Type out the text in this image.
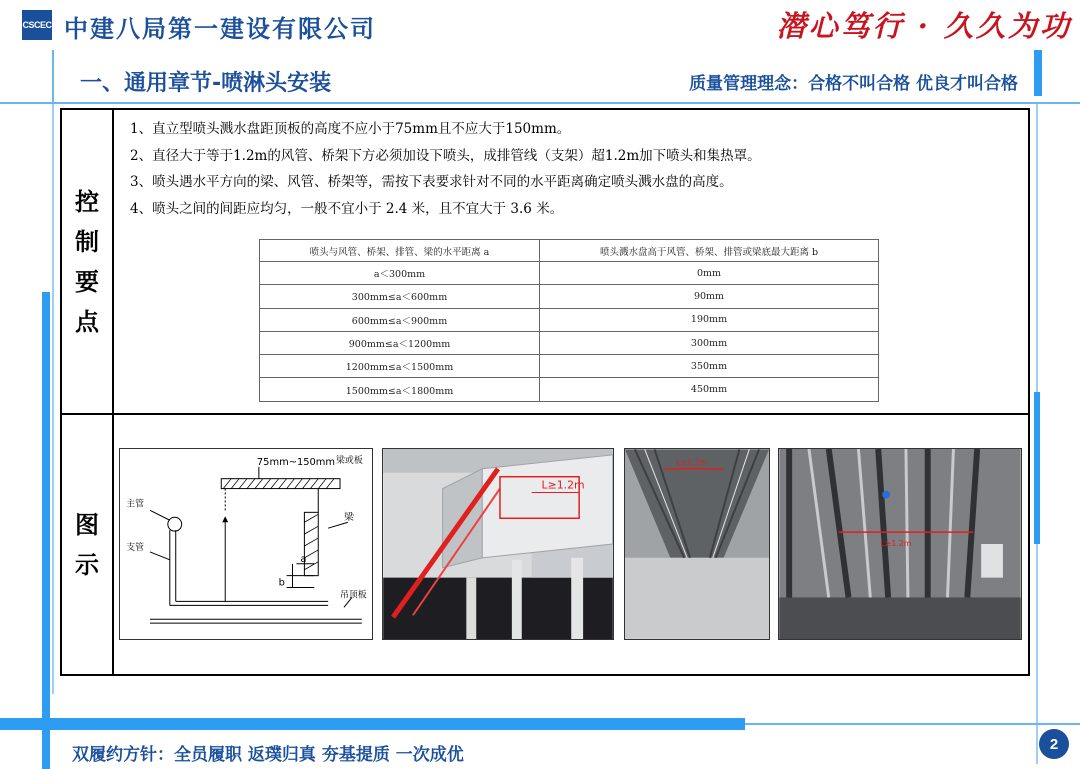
CSCEC 中建八局第一建设有限公司	潜心笃行 · 久久为功
一、通用章节-喷淋头安装	质量管理理念：合格不叫合格 优良才叫合格
控
制
要
点
图
示
1、直立型喷头溅水盘距顶板的高度不应小于75mm且不应大于150mm。
2、直径大于等于1.2m的风管、桥架下方必须加设下喷头，成排管线（支架）超1.2m加下喷头和集热罩。
3、喷头遇水平方向的梁、风管、桥架等，需按下表要求针对不同的水平距离确定喷头溅水盘的高度。
4、喷头之间的间距应均匀，一般不宜小于 2.4 米，且不宜大于 3.6 米。
喷头与风管、桥架、排管、梁的水平距离 a	喷头溅水盘高于风管、桥架、排管或梁底最大距离 b
a＜300mm	0mm
300mm≤a＜600mm	90mm
600mm≤a＜900mm	190mm
900mm≤a＜1200mm	300mm
1200mm≤a＜1500mm	350mm
1500mm≤a＜1800mm	450mm
75mm~150mm 梁或板
梁
吊顶板
主管
支管
a
b
L≥1.2m
L≥1.2m
L≥1.2m
双履约方针：全员履职 返璞归真 夯基提质 一次成优
2
